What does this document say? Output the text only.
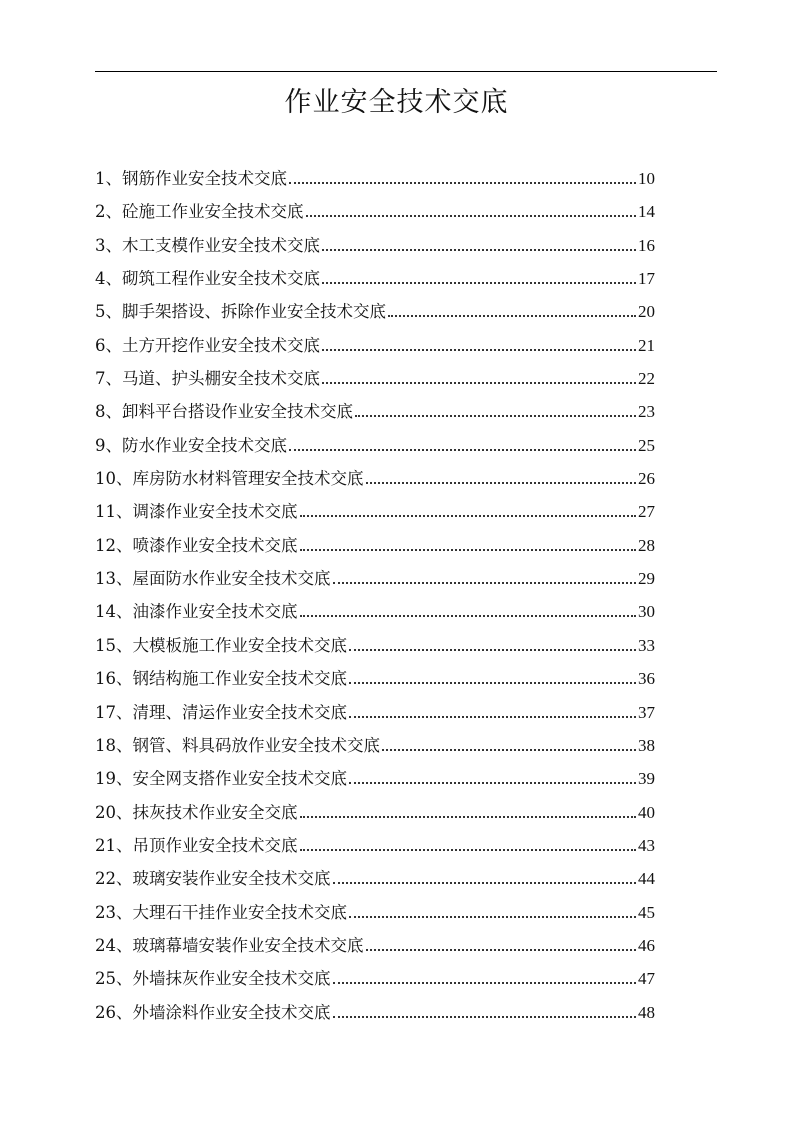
作业安全技术交底
1、钢筋作业安全技术交底	10
2、砼施工作业安全技术交底	14
3、木工支模作业安全技术交底	16
4、砌筑工程作业安全技术交底	17
5、脚手架搭设、拆除作业安全技术交底	20
6、土方开挖作业安全技术交底	21
7、马道、护头棚安全技术交底	22
8、卸料平台搭设作业安全技术交底	23
9、防水作业安全技术交底	25
10、库房防水材料管理安全技术交底	26
11、调漆作业安全技术交底	27
12、喷漆作业安全技术交底	28
13、屋面防水作业安全技术交底	29
14、油漆作业安全技术交底	30
15、大模板施工作业安全技术交底	33
16、钢结构施工作业安全技术交底	36
17、清理、清运作业安全技术交底	37
18、钢管、料具码放作业安全技术交底	38
19、安全网支搭作业安全技术交底	39
20、抹灰技术作业安全交底	40
21、吊顶作业安全技术交底	43
22、玻璃安装作业安全技术交底	44
23、大理石干挂作业安全技术交底	45
24、玻璃幕墙安装作业安全技术交底	46
25、外墙抹灰作业安全技术交底	47
26、外墙涂料作业安全技术交底	48
